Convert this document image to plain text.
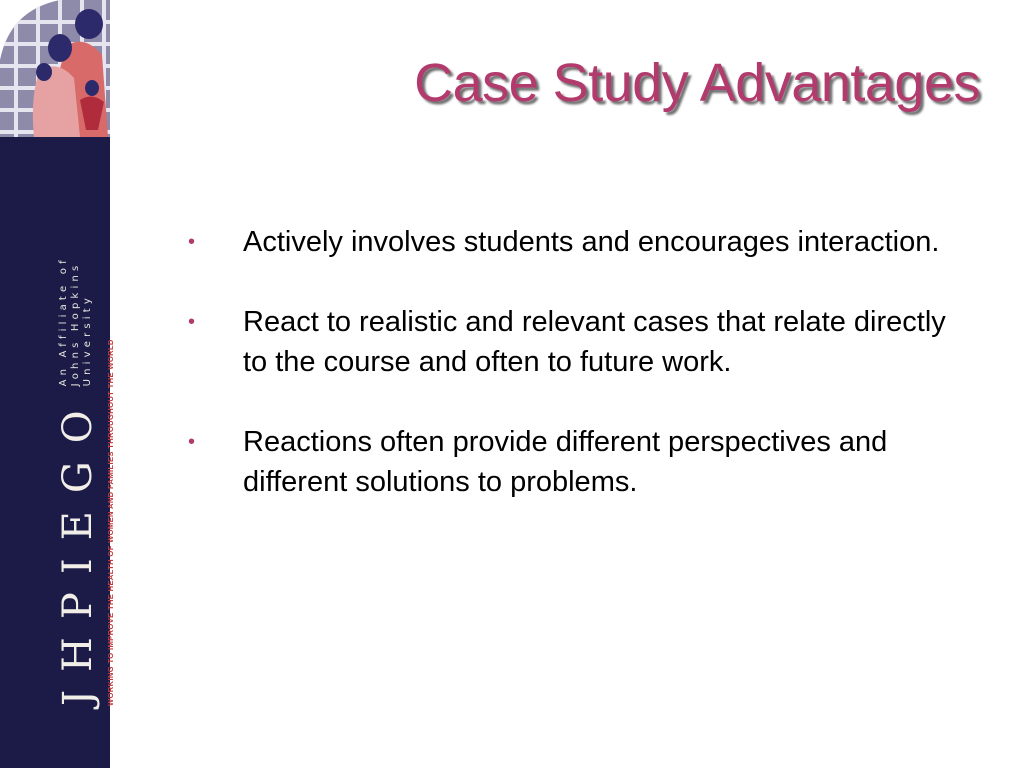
JHPIEGO
An Affiliate of Johns Hopkins University WORKING TO IMPROVE THE HEALTH OF WOMEN AND FAMILIES THROUGHOUT THE WORLD
Case Study Advantages
•	Actively involves students and encourages interaction.
•	React to realistic and relevant cases that relate directly to the course and often to future work.
•	Reactions often provide different perspectives and different solutions to problems.
